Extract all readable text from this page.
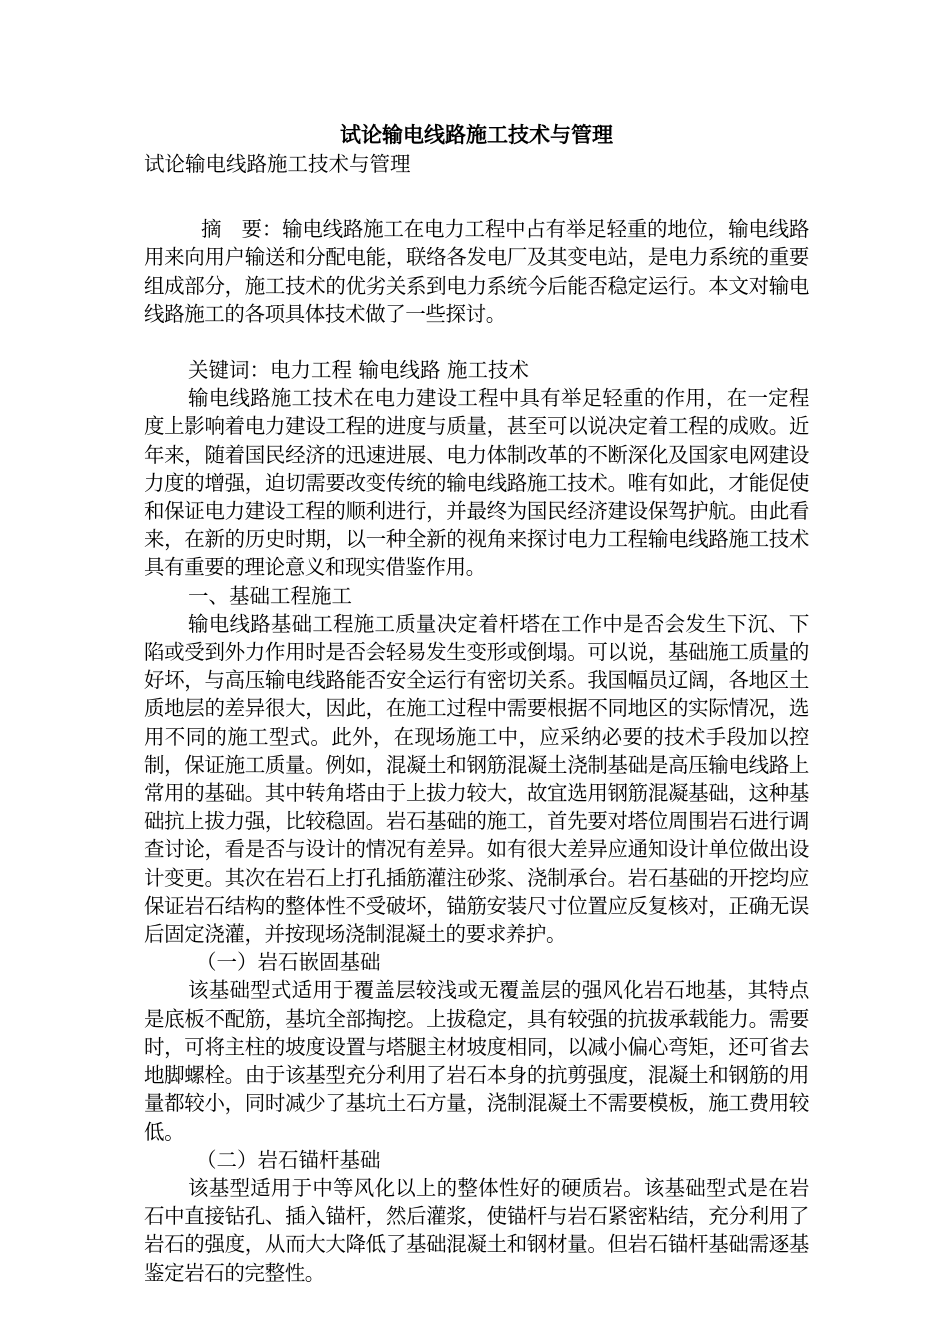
试论输电线路施工技术与管理

试论输电线路施工技术与管理

摘　要：输电线路施工在电力工程中占有举足轻重的地位，输电线路用来向用户输送和分配电能，联络各发电厂及其变电站，是电力系统的重要组成部分，施工技术的优劣关系到电力系统今后能否稳定运行。本文对输电线路施工的各项具体技术做了一些探讨。

关键词：电力工程 输电线路 施工技术

输电线路施工技术在电力建设工程中具有举足轻重的作用，在一定程度上影响着电力建设工程的进度与质量，甚至可以说决定着工程的成败。近年来，随着国民经济的迅速进展、电力体制改革的不断深化及国家电网建设力度的增强，迫切需要改变传统的输电线路施工技术。唯有如此，才能促使和保证电力建设工程的顺利进行，并最终为国民经济建设保驾护航。由此看来，在新的历史时期，以一种全新的视角来探讨电力工程输电线路施工技术具有重要的理论意义和现实借鉴作用。

一、基础工程施工

输电线路基础工程施工质量决定着杆塔在工作中是否会发生下沉、下陷或受到外力作用时是否会轻易发生变形或倒塌。可以说，基础施工质量的好坏，与高压输电线路能否安全运行有密切关系。我国幅员辽阔，各地区土质地层的差异很大，因此，在施工过程中需要根据不同地区的实际情况，选用不同的施工型式。此外，在现场施工中，应采纳必要的技术手段加以控制，保证施工质量。例如，混凝土和钢筋混凝土浇制基础是高压输电线路上常用的基础。其中转角塔由于上拔力较大，故宜选用钢筋混凝基础，这种基础抗上拔力强，比较稳固。岩石基础的施工，首先要对塔位周围岩石进行调查讨论，看是否与设计的情况有差异。如有很大差异应通知设计单位做出设计变更。其次在岩石上打孔插筋灌注砂浆、浇制承台。岩石基础的开挖均应保证岩石结构的整体性不受破坏，锚筋安装尺寸位置应反复核对，正确无误后固定浇灌，并按现场浇制混凝土的要求养护。

（一）岩石嵌固基础

该基础型式适用于覆盖层较浅或无覆盖层的强风化岩石地基，其特点是底板不配筋，基坑全部掏挖。上拔稳定，具有较强的抗拔承载能力。需要时，可将主柱的坡度设置与塔腿主材坡度相同，以减小偏心弯矩，还可省去地脚螺栓。由于该基型充分利用了岩石本身的抗剪强度，混凝土和钢筋的用量都较小，同时减少了基坑土石方量，浇制混凝土不需要模板，施工费用较低。

（二）岩石锚杆基础

该基型适用于中等风化以上的整体性好的硬质岩。该基础型式是在岩石中直接钻孔、插入锚杆，然后灌浆，使锚杆与岩石紧密粘结，充分利用了岩石的强度，从而大大降低了基础混凝土和钢材量。但岩石锚杆基础需逐基鉴定岩石的完整性。
